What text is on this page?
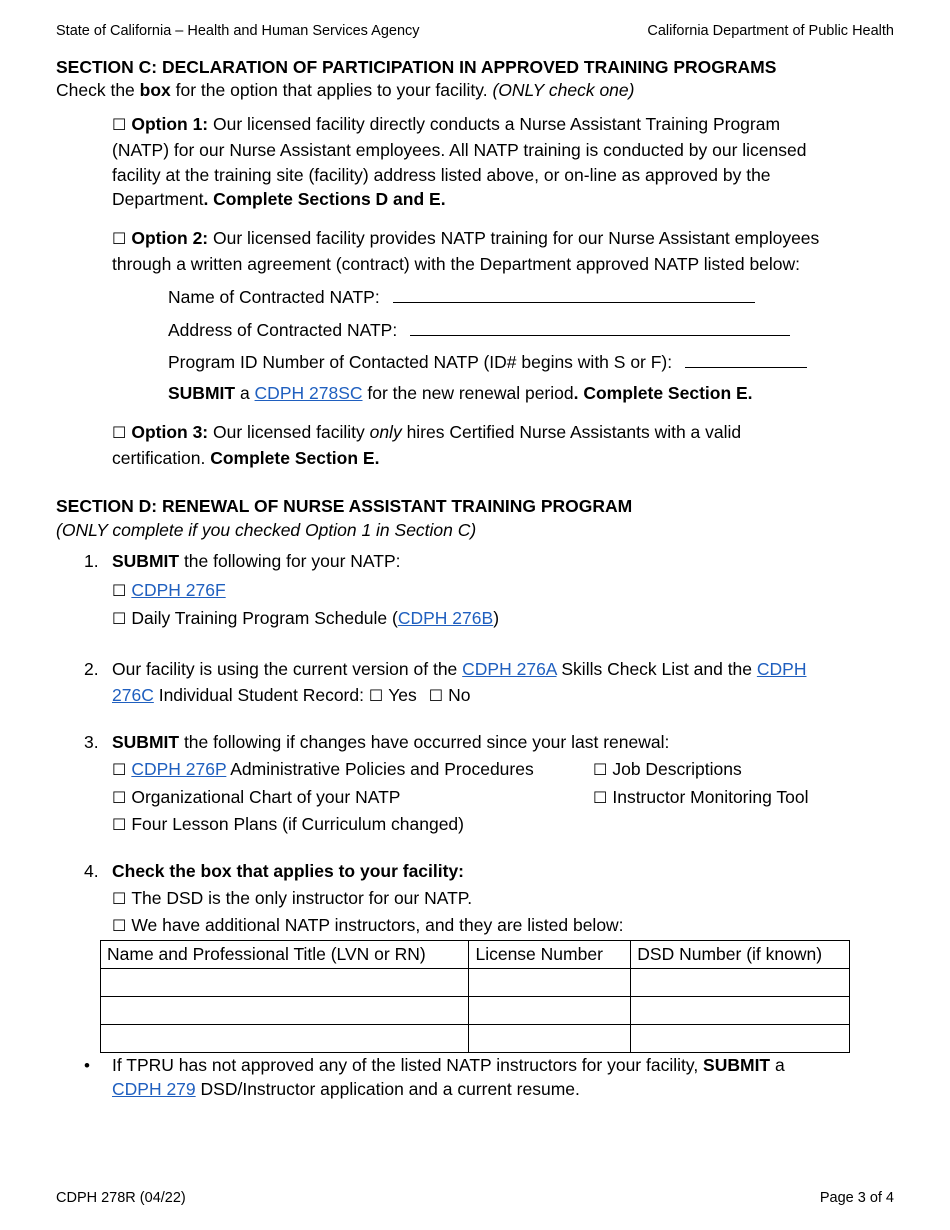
State of California – Health and Human Services Agency	California Department of Public Health
SECTION C: DECLARATION OF PARTICIPATION IN APPROVED TRAINING PROGRAMS
Check the box for the option that applies to your facility. (ONLY check one)
☐ Option 1: Our licensed facility directly conducts a Nurse Assistant Training Program
(NATP) for our Nurse Assistant employees. All NATP training is conducted by our licensed
facility at the training site (facility) address listed above, or on-line as approved by the
Department. Complete Sections D and E.
☐ Option 2: Our licensed facility provides NATP training for our Nurse Assistant employees
through a written agreement (contract) with the Department approved NATP listed below:
Name of Contracted NATP:
Address of Contracted NATP:
Program ID Number of Contacted NATP (ID# begins with S or F):
SUBMIT a CDPH 278SC for the new renewal period. Complete Section E.
☐ Option 3: Our licensed facility only hires Certified Nurse Assistants with a valid
certification. Complete Section E.
SECTION D: RENEWAL OF NURSE ASSISTANT TRAINING PROGRAM
(ONLY complete if you checked Option 1 in Section C)
1. SUBMIT the following for your NATP:
☐ CDPH 276F
☐ Daily Training Program Schedule (CDPH 276B)
2. Our facility is using the current version of the CDPH 276A Skills Check List and the CDPH
276C Individual Student Record: ☐ Yes ☐ No
3. SUBMIT the following if changes have occurred since your last renewal:
☐ CDPH 276P Administrative Policies and Procedures	☐ Job Descriptions
☐ Organizational Chart of your NATP	☐ Instructor Monitoring Tool
☐ Four Lesson Plans (if Curriculum changed)
4. Check the box that applies to your facility:
☐ The DSD is the only instructor for our NATP.
☐ We have additional NATP instructors, and they are listed below:
Name and Professional Title (LVN or RN)	License Number	DSD Number (if known)

• If TPRU has not approved any of the listed NATP instructors for your facility, SUBMIT a
CDPH 279 DSD/Instructor application and a current resume.
CDPH 278R (04/22)	Page 3 of 4
